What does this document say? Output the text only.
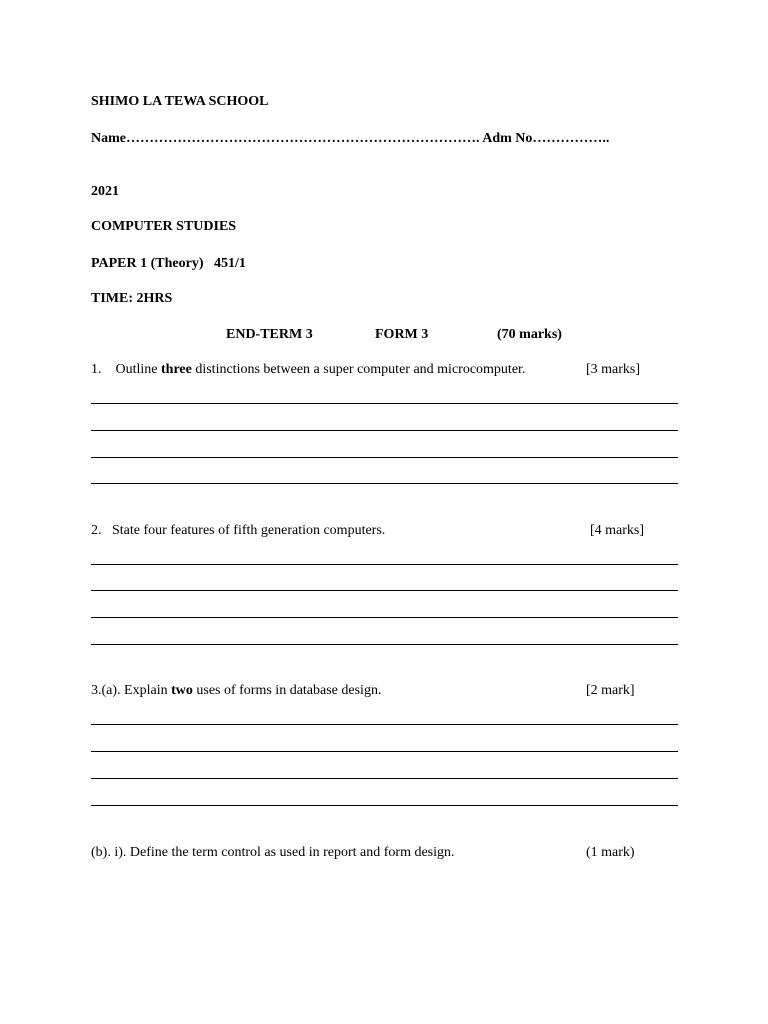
SHIMO LA TEWA SCHOOL
Name…………………………………………………………………. Adm No……………..
2021
COMPUTER STUDIES
PAPER 1 (Theory)   451/1
TIME: 2HRS
END-TERM 3	FORM 3	(70 marks)
1. Outline three distinctions between a super computer and microcomputer.	[3 marks]
2. State four features of fifth generation computers.	[4 marks]
3.(a). Explain two uses of forms in database design.	[2 mark]
(b). i). Define the term control as used in report and form design.	(1 mark)
